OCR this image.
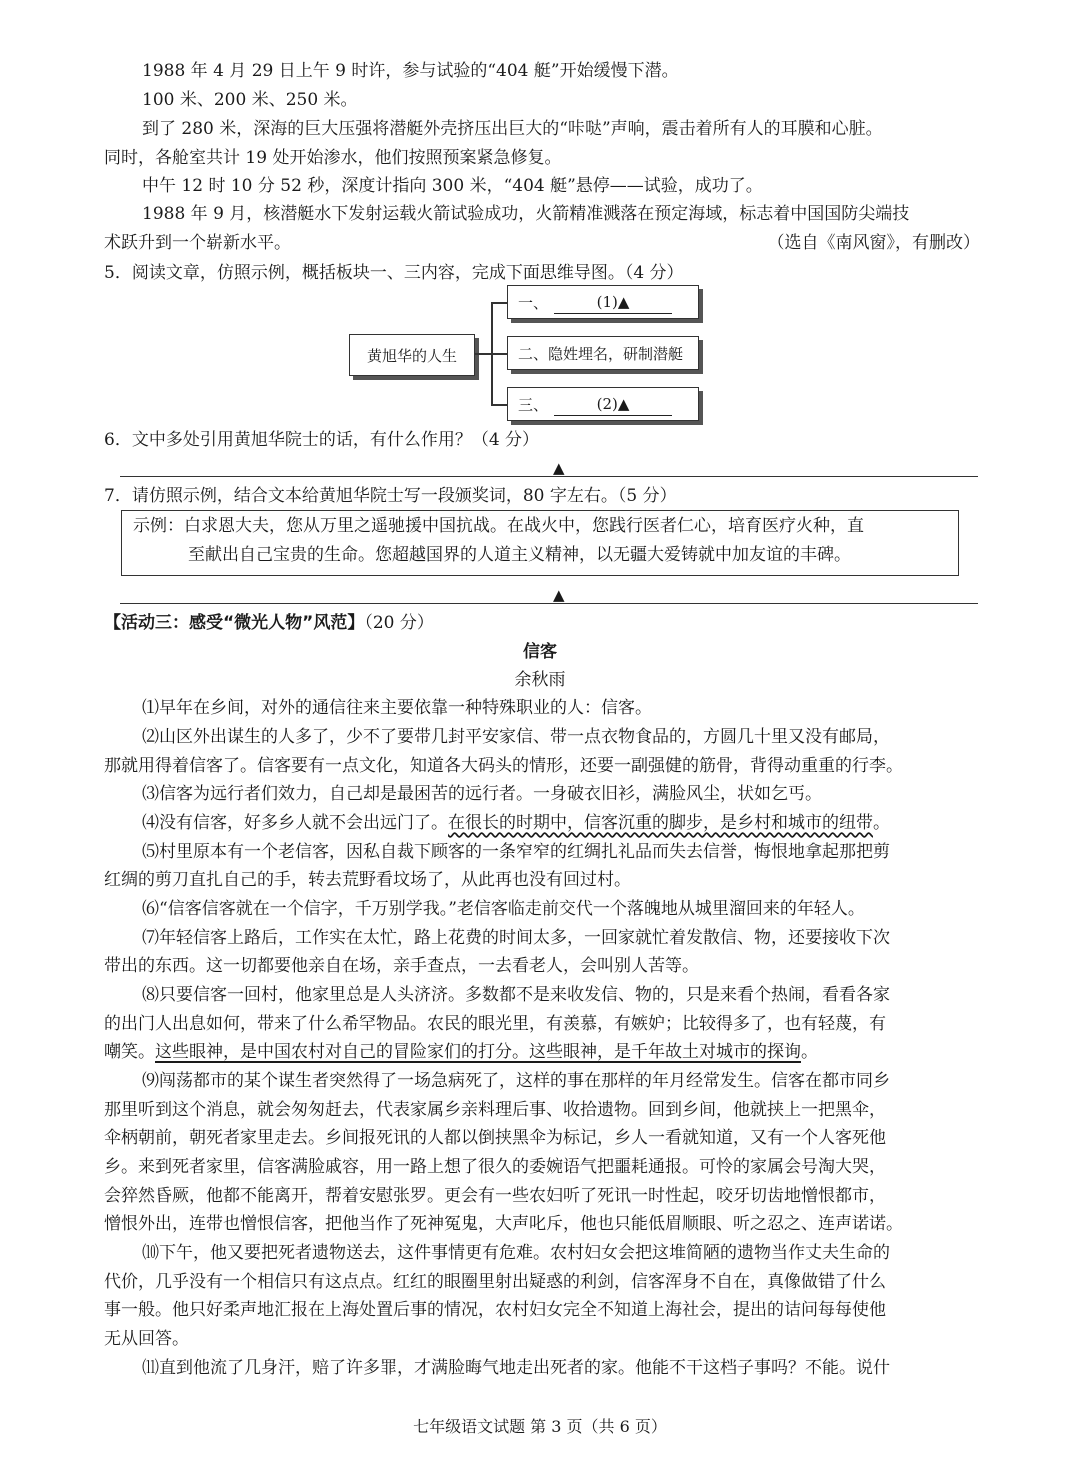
1988 年 4 月 29 日上午 9 时许，参与试验的“404 艇”开始缓慢下潜。
100 米、200 米、250 米。
到了 280 米，深海的巨大压强将潜艇外壳挤压出巨大的“咔哒”声响，震击着所有人的耳膜和心脏。
同时，各舱室共计 19 处开始渗水，他们按照预案紧急修复。
中午 12 时 10 分 52 秒，深度计指向 300 米，“404 艇”悬停——试验，成功了。
1988 年 9 月，核潜艇水下发射运载火箭试验成功，火箭精准溅落在预定海域，标志着中国国防尖端技
术跃升到一个崭新水平。	（选自《南风窗》，有删改）
5．阅读文章，仿照示例，概括板块一、三内容，完成下面思维导图。（4 分）
黄旭华的人生
一、	(1)▲
二、隐姓埋名，研制潜艇
三、	(2)▲
6．文中多处引用黄旭华院士的话，有什么作用？（4 分）
▲
7．请仿照示例，结合文本给黄旭华院士写一段颁奖词，80 字左右。（5 分）
示例：白求恩大夫，您从万里之遥驰援中国抗战。在战火中，您践行医者仁心，培育医疗火种，直
至献出自己宝贵的生命。您超越国界的人道主义精神，以无疆大爱铸就中加友谊的丰碑。
▲
【活动三：感受“微光人物”风范】（20 分）
信客
余秋雨
⑴早年在乡间，对外的通信往来主要依靠一种特殊职业的人：信客。
⑵山区外出谋生的人多了，少不了要带几封平安家信、带一点衣物食品的，方圆几十里又没有邮局，
那就用得着信客了。信客要有一点文化，知道各大码头的情形，还要一副强健的筋骨，背得动重重的行李。
⑶信客为远行者们效力，自己却是最困苦的远行者。一身破衣旧衫，满脸风尘，状如乞丐。
⑷没有信客，好多乡人就不会出远门了。在很长的时期中，信客沉重的脚步，是乡村和城市的纽带。
⑸村里原本有一个老信客，因私自裁下顾客的一条窄窄的红绸扎礼品而失去信誉，悔恨地拿起那把剪
红绸的剪刀直扎自己的手，转去荒野看坟场了，从此再也没有回过村。
⑹“信客信客就在一个信字，千万别学我。”老信客临走前交代一个落魄地从城里溜回来的年轻人。
⑺年轻信客上路后，工作实在太忙，路上花费的时间太多，一回家就忙着发散信、物，还要接收下次
带出的东西。这一切都要他亲自在场，亲手查点，一去看老人，会叫别人苦等。
⑻只要信客一回村，他家里总是人头济济。多数都不是来收发信、物的，只是来看个热闹，看看各家
的出门人出息如何，带来了什么希罕物品。农民的眼光里，有羡慕，有嫉妒；比较得多了，也有轻蔑，有
嘲笑。这些眼神，是中国农村对自己的冒险家们的打分。这些眼神，是千年故土对城市的探询。
⑼闯荡都市的某个谋生者突然得了一场急病死了，这样的事在那样的年月经常发生。信客在都市同乡
那里听到这个消息，就会匆匆赶去，代表家属乡亲料理后事、收拾遗物。回到乡间，他就挟上一把黑伞，
伞柄朝前，朝死者家里走去。乡间报死讯的人都以倒挟黑伞为标记，乡人一看就知道，又有一个人客死他
乡。来到死者家里，信客满脸戚容，用一路上想了很久的委婉语气把噩耗通报。可怜的家属会号淘大哭，
会猝然昏厥，他都不能离开，帮着安慰张罗。更会有一些农妇听了死讯一时性起，咬牙切齿地憎恨都市，
憎恨外出，连带也憎恨信客，把他当作了死神冤鬼，大声叱斥，他也只能低眉顺眼、听之忍之、连声诺诺。
⑽下午，他又要把死者遗物送去，这件事情更有危难。农村妇女会把这堆简陋的遗物当作丈夫生命的
代价，几乎没有一个相信只有这点点。红红的眼圈里射出疑惑的利剑，信客浑身不自在，真像做错了什么
事一般。他只好柔声地汇报在上海处置后事的情况，农村妇女完全不知道上海社会，提出的诘问每每使他
无从回答。
⑾直到他流了几身汗，赔了许多罪，才满脸晦气地走出死者的家。他能不干这档子事吗？不能。说什
七年级语文试题 第 3 页（共 6 页）
